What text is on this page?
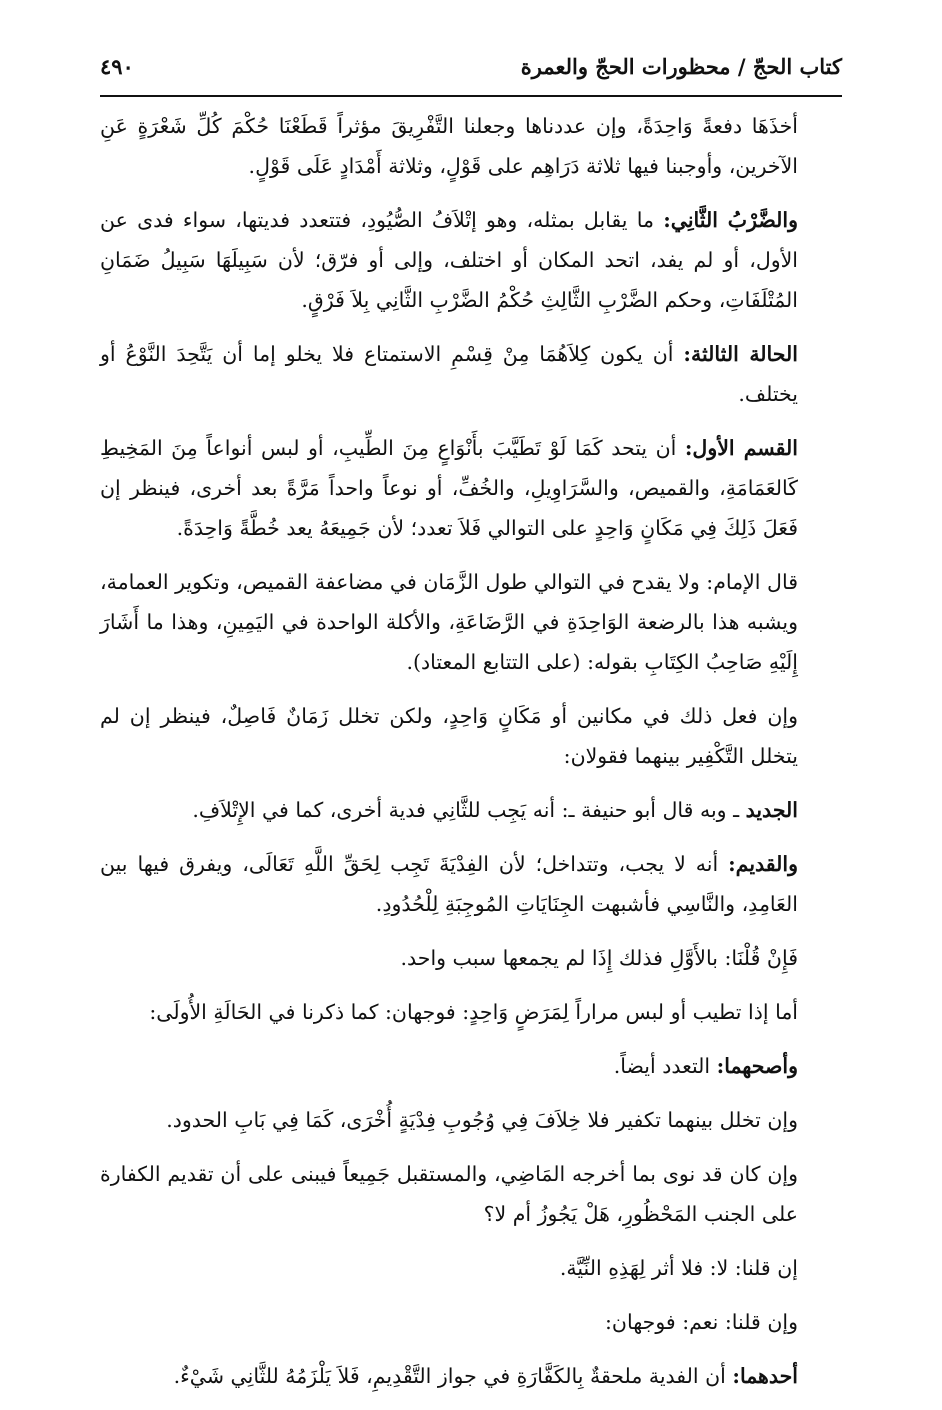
كتاب الحجّ / محظورات الحجّ والعمرة
٤٩٠

أخذَهَا دفعةً وَاحِدَةً، وإن عددناها وجعلنا التَّفْرِيقَ مؤثراً قَطَعْنَا حُكْمَ كُلِّ شَعْرَةٍ عَنِ الآخرين، وأوجبنا فيها ثلاثة دَرَاهِم على قَوْلٍ، وثلاثة أَمْدَادٍ عَلَى قَوْلٍ.

والضَّرْبُ الثَّانِي: ما يقابل بمثله، وهو إتْلاَفُ الصُّيُودِ، فتتعدد فديتها، سواء فدى عن الأول، أو لم يفد، اتحد المكان أو اختلف، وإلى أو فرّق؛ لأن سَبِيلَهَا سَبِيلُ ضَمَانِ المُتْلَفَاتِ، وحكم الضَّرْبِ الثَّالِثِ حُكْمُ الضَّرْبِ الثَّانِي بِلاَ فَرْقٍ.

الحالة الثالثة: أن يكون كِلاَهُمَا مِنْ قِسْمِ الاستمتاع فلا يخلو إما أن يَتَّحِدَ النَّوْعُ أو يختلف.

القسم الأول: أن يتحد كَمَا لَوْ تَطَيَّبَ بأَنْوَاعٍ مِنَ الطِّيبِ، أو لبس أنواعاً مِنَ المَخِيطِ كَالعَمَامَةِ، والقميص، والسَّرَاوِيلِ، والخُفِّ، أو نوعاً واحداً مَرَّةً بعد أخرى، فينظر إن فَعَلَ ذَلِكَ فِي مَكَانٍ وَاحِدٍ على التوالي فَلاَ تعدد؛ لأن جَمِيعَهُ يعد خُطَّةً وَاحِدَةً.

قال الإمام: ولا يقدح في التوالي طول الزَّمَان في مضاعفة القميص، وتكوير العمامة، ويشبه هذا بالرضعة الوَاحِدَةِ في الرَّضَاعَةِ، والأكلة الواحدة في اليَمِينِ، وهذا ما أَشَارَ إِلَيْهِ صَاحِبُ الكِتَابِ بقوله: (على التتابع المعتاد).

وإن فعل ذلك في مكانين أو مَكَانٍ وَاحِدٍ، ولكن تخلل زَمَانٌ فَاصِلٌ، فينظر إن لم يتخلل التَّكْفِير بينهما فقولان:

الجديد ـ وبه قال أبو حنيفة ـ: أنه يَجِب للثَّانِي فدية أخرى، كما في الإِتْلاَفِ.

والقديم: أنه لا يجب، وتتداخل؛ لأن الفِدْيَةَ تَجِب لِحَقِّ اللَّهِ تَعَالَى، ويفرق فيها بين العَامِدِ، والنَّاسِي فأشبهت الجِنَايَاتِ المُوجِبَةِ لِلْحُدُودِ.

فَإِنْ قُلْنَا: بالأَوَّلِ فذلك إِذَا لم يجمعها سبب واحد.

أما إذا تطيب أو لبس مراراً لِمَرَضٍ وَاحِدٍ: فوجهان: كما ذكرنا في الحَالَةِ الأُولَى:

وأصحهما: التعدد أيضاً.

وإن تخلل بينهما تكفير فلا خِلاَفَ فِي وُجُوبِ فِدْيَةٍ أُخْرَى، كَمَا فِي بَابِ الحدود.

وإن كان قد نوى بما أخرجه المَاضِي، والمستقبل جَمِيعاً فيبنى على أن تقديم الكفارة على الجنب المَحْظُورِ، هَلْ يَجُوزُ أم لا؟

إن قلنا: لا: فلا أثر لِهَذِهِ النِّيَّة.

وإن قلنا: نعم: فوجهان:

أحدهما: أن الفدية ملحقةٌ بِالكَفَّارَةِ في جواز التَّقْدِيمِ، فَلاَ يَلْزَمُهُ للثَّانِي شَيْءٌ.
